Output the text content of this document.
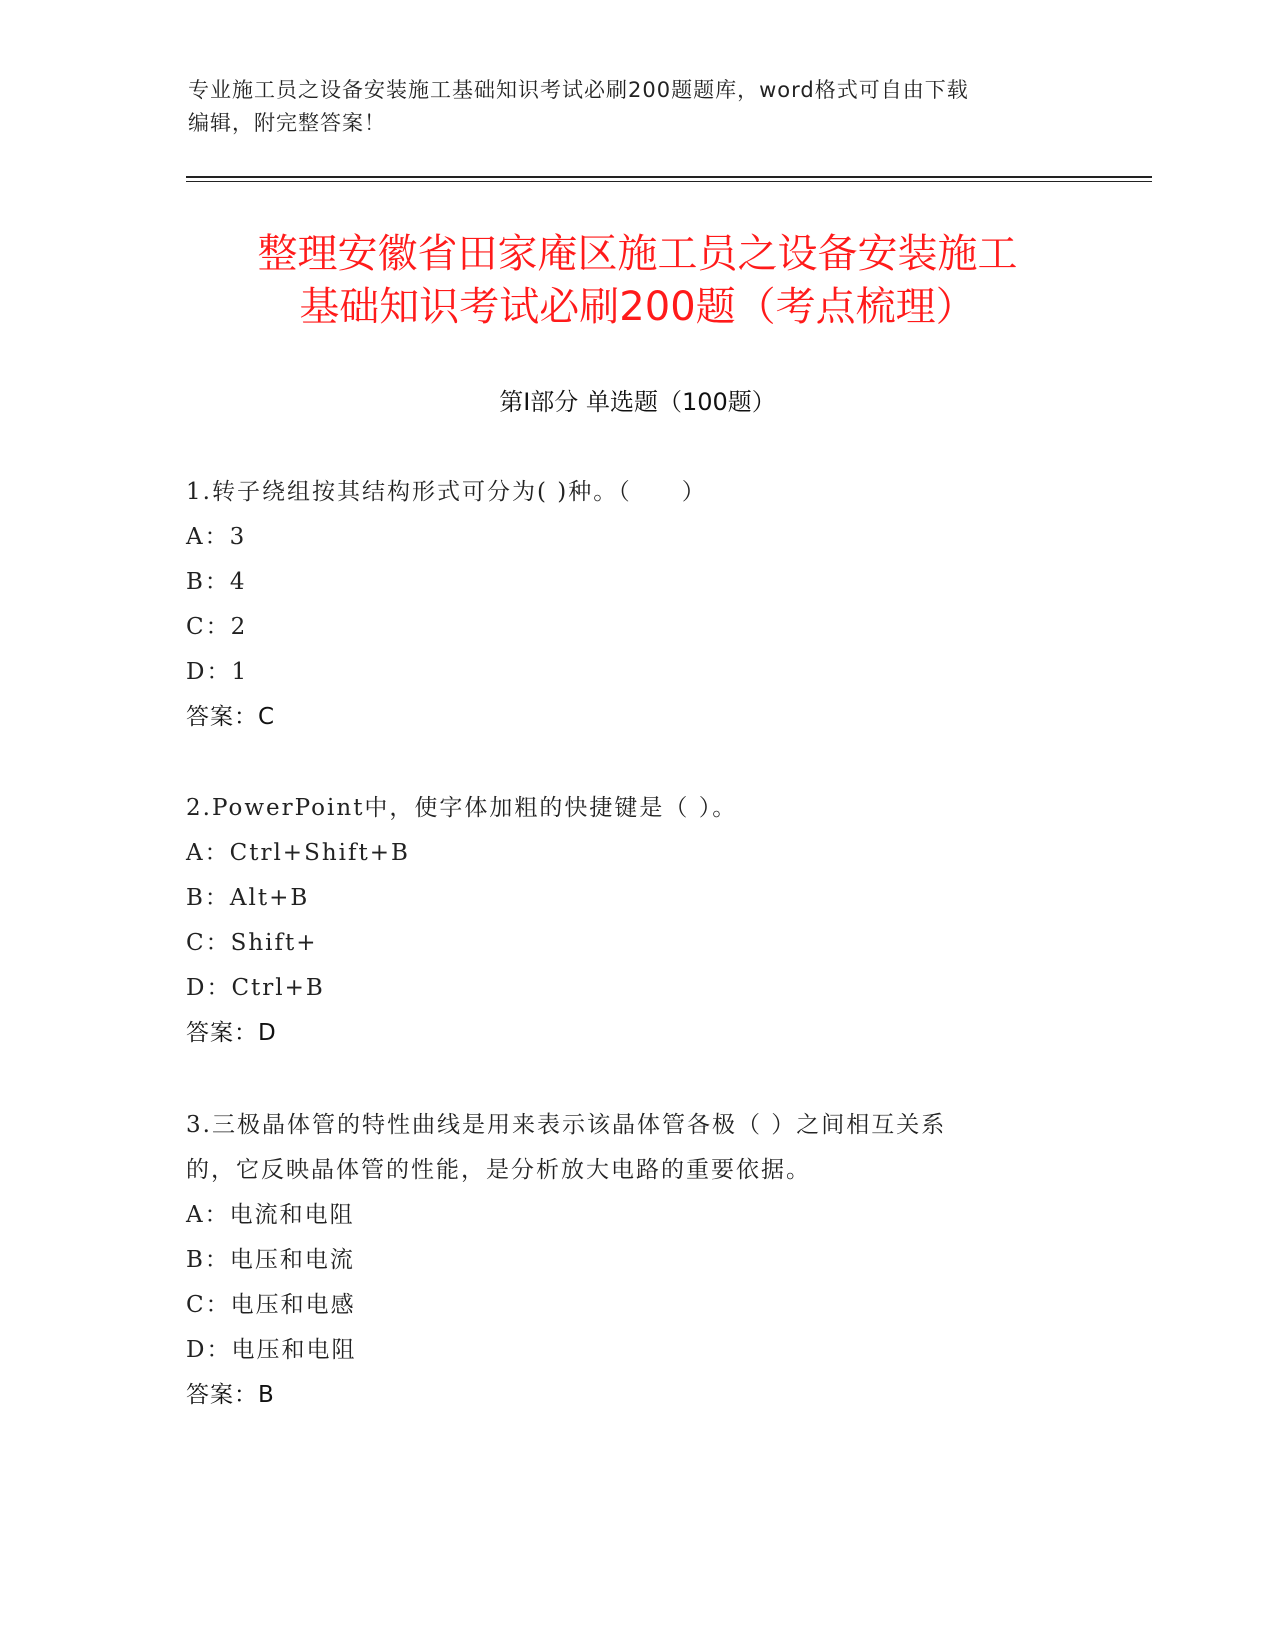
专业施工员之设备安装施工基础知识考试必刷200题题库，word格式可自由下载
编辑，附完整答案！
整理安徽省田家庵区施工员之设备安装施工
基础知识考试必刷200题（考点梳理）
第Ⅰ部分 单选题（100题）
1.转子绕组按其结构形式可分为( )种。（　　）
A：3
B：4
C：2
D：1
答案：C
2.PowerPoint中，使字体加粗的快捷键是（ ）。
A：Ctrl+Shift+B
B：Alt+B
C：Shift+
D：Ctrl+B
答案：D
3.三极晶体管的特性曲线是用来表示该晶体管各极（ ）之间相互关系
的，它反映晶体管的性能，是分析放大电路的重要依据。
A：电流和电阻
B：电压和电流
C：电压和电感
D：电压和电阻
答案：B
